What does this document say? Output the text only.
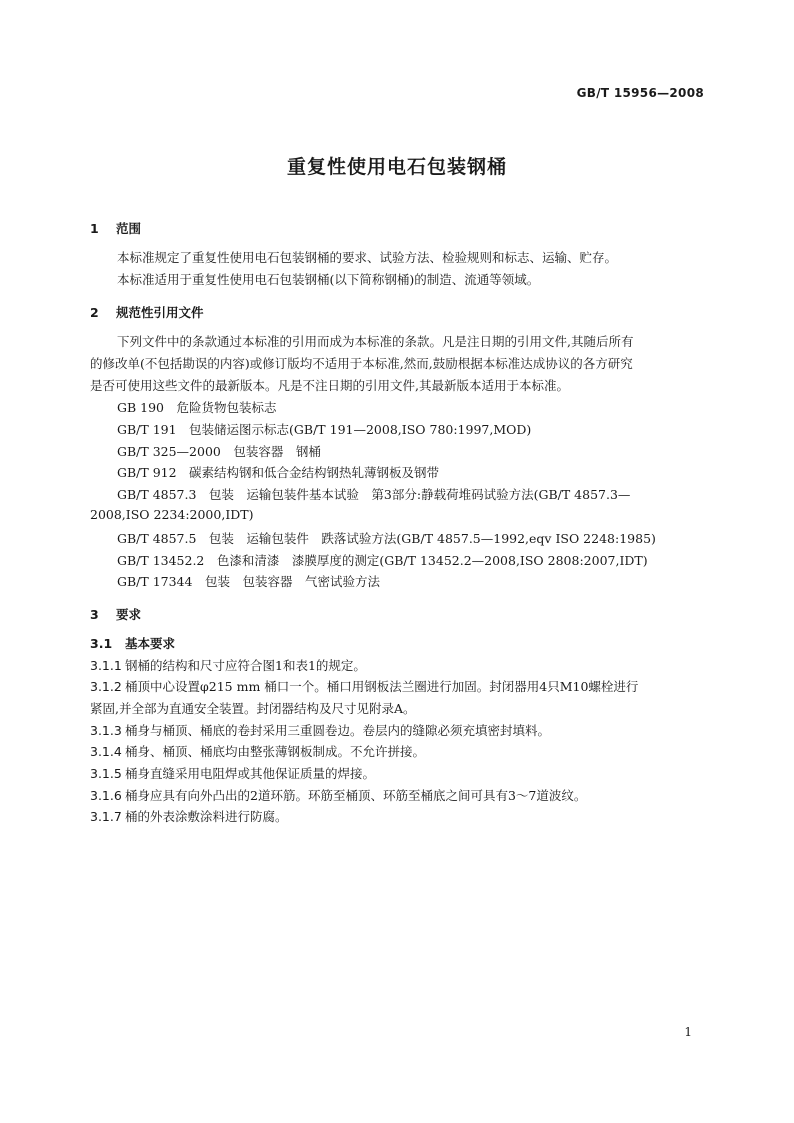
GB/T 15956—2008
重复性使用电石包装钢桶
1 范围
本标准规定了重复性使用电石包装钢桶的要求、试验方法、检验规则和标志、运输、贮存。
本标准适用于重复性使用电石包装钢桶(以下简称钢桶)的制造、流通等领域。
2 规范性引用文件
下列文件中的条款通过本标准的引用而成为本标准的条款。凡是注日期的引用文件,其随后所有
的修改单(不包括勘误的内容)或修订版均不适用于本标准,然而,鼓励根据本标准达成协议的各方研究
是否可使用这些文件的最新版本。凡是不注日期的引用文件,其最新版本适用于本标准。
GB 190　危险货物包装标志
GB/T 191　包装储运图示标志(GB/T 191—2008,ISO 780:1997,MOD)
GB/T 325—2000　包装容器　钢桶
GB/T 912　碳素结构钢和低合金结构钢热轧薄钢板及钢带
GB/T 4857.3　包装　运输包装件基本试验　第3部分:静载荷堆码试验方法(GB/T 4857.3—
2008,ISO 2234:2000,IDT)
GB/T 4857.5　包装　运输包装件　跌落试验方法(GB/T 4857.5—1992,eqv ISO 2248:1985)
GB/T 13452.2　色漆和清漆　漆膜厚度的测定(GB/T 13452.2—2008,ISO 2808:2007,IDT)
GB/T 17344　包装　包装容器　气密试验方法
3 要求
3.1 基本要求
3.1.1 钢桶的结构和尺寸应符合图1和表1的规定。
3.1.2 桶顶中心设置φ215 mm 桶口一个。桶口用钢板法兰圈进行加固。封闭器用4只M10螺栓进行
紧固,并全部为直通安全装置。封闭器结构及尺寸见附录A。
3.1.3 桶身与桶顶、桶底的卷封采用三重圆卷边。卷层内的缝隙必须充填密封填料。
3.1.4 桶身、桶顶、桶底均由整张薄钢板制成。不允许拼接。
3.1.5 桶身直缝采用电阻焊或其他保证质量的焊接。
3.1.6 桶身应具有向外凸出的2道环筋。环筋至桶顶、环筋至桶底之间可具有3～7道波纹。
3.1.7 桶的外表涂敷涂料进行防腐。
1
